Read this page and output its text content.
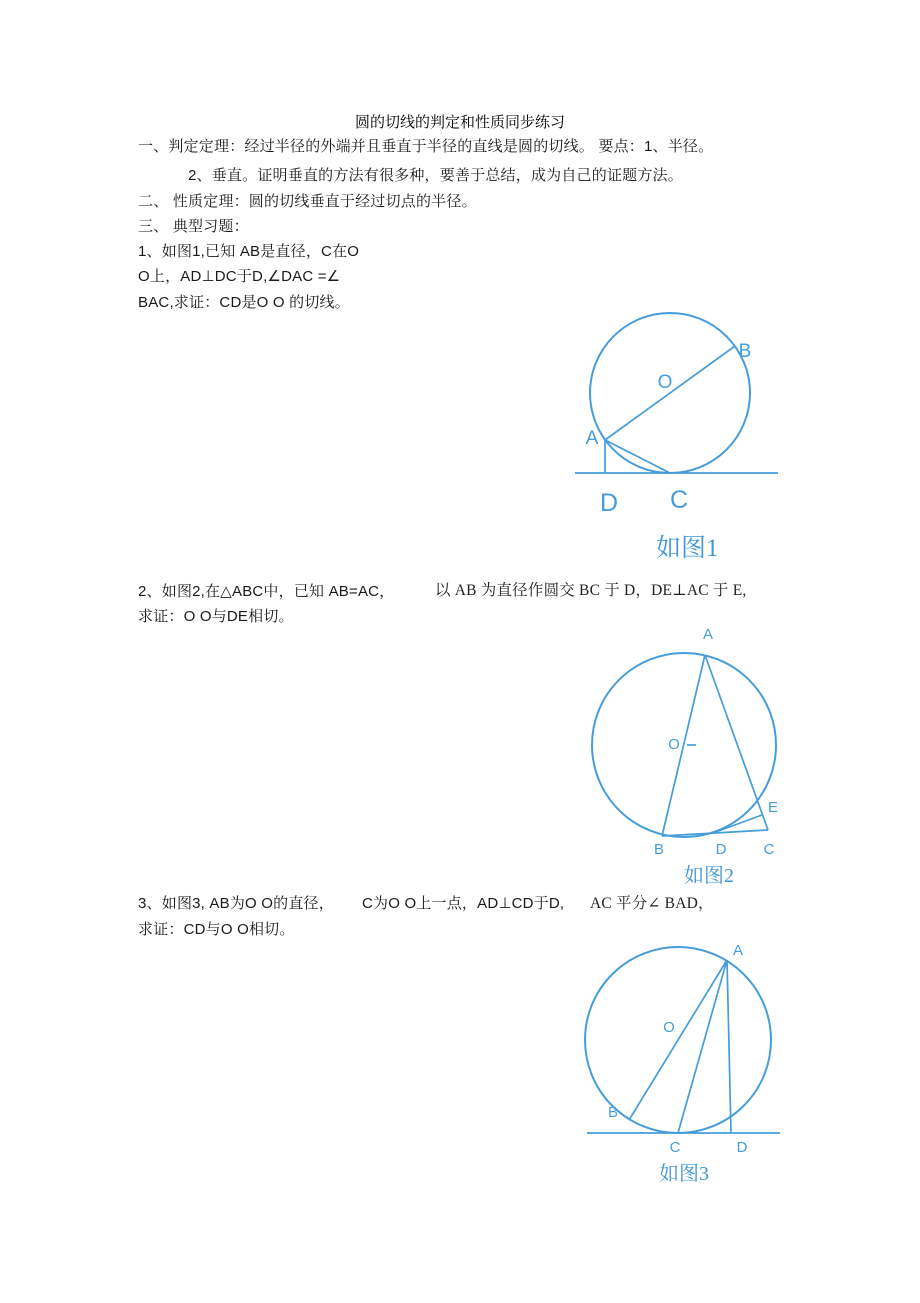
圆的切线的判定和性质同步练习
一、判定定理：经过半径的外端并且垂直于半径的直线是圆的切线。 要点：1、半径。
2、垂直。证明垂直的方法有很多种，要善于总结，成为自己的证题方法。
二、 性质定理：圆的切线垂直于经过切点的半径。
三、 典型习题：
1、如图1,已知 AB是直径，C在O
O上，AD⊥DC于D,∠DAC =∠
BAC,求证：CD是O O 的切线。
B
O
A
D C
如图1
2、如图2,在△ABC中，已知 AB=AC，	以 AB 为直径作圆交 BC 于 D，DE⊥AC 于 E,
求证：O O与DE相切。
A
O
B	D C
E
如图2
3、如图3, AB为O O的直径， C为O O上一点，AD⊥CD于D, AC 平分∠ BAD，
求证：CD与O O相切。
A
O
B
C	D
如图3
